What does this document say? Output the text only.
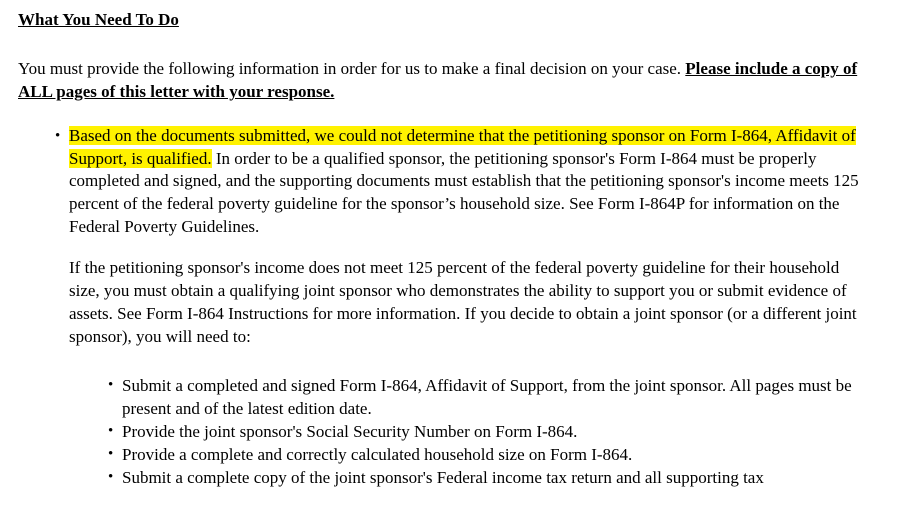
What You Need To Do
You must provide the following information in order for us to make a final decision on your case. Please include a copy of ALL pages of this letter with your response.
• Based on the documents submitted, we could not determine that the petitioning sponsor on Form I-864, Affidavit of Support, is qualified. In order to be a qualified sponsor, the petitioning sponsor's Form I-864 must be properly completed and signed, and the supporting documents must establish that the petitioning sponsor's income meets 125 percent of the federal poverty guideline for the sponsor’s household size. See Form I-864P for information on the Federal Poverty Guidelines.
If the petitioning sponsor's income does not meet 125 percent of the federal poverty guideline for their household size, you must obtain a qualifying joint sponsor who demonstrates the ability to support you or submit evidence of assets. See Form I-864 Instructions for more information. If you decide to obtain a joint sponsor (or a different joint sponsor), you will need to:
• Submit a completed and signed Form I-864, Affidavit of Support, from the joint sponsor. All pages must be present and of the latest edition date.
• Provide the joint sponsor's Social Security Number on Form I-864.
• Provide a complete and correctly calculated household size on Form I-864.
• Submit a complete copy of the joint sponsor's Federal income tax return and all supporting tax
